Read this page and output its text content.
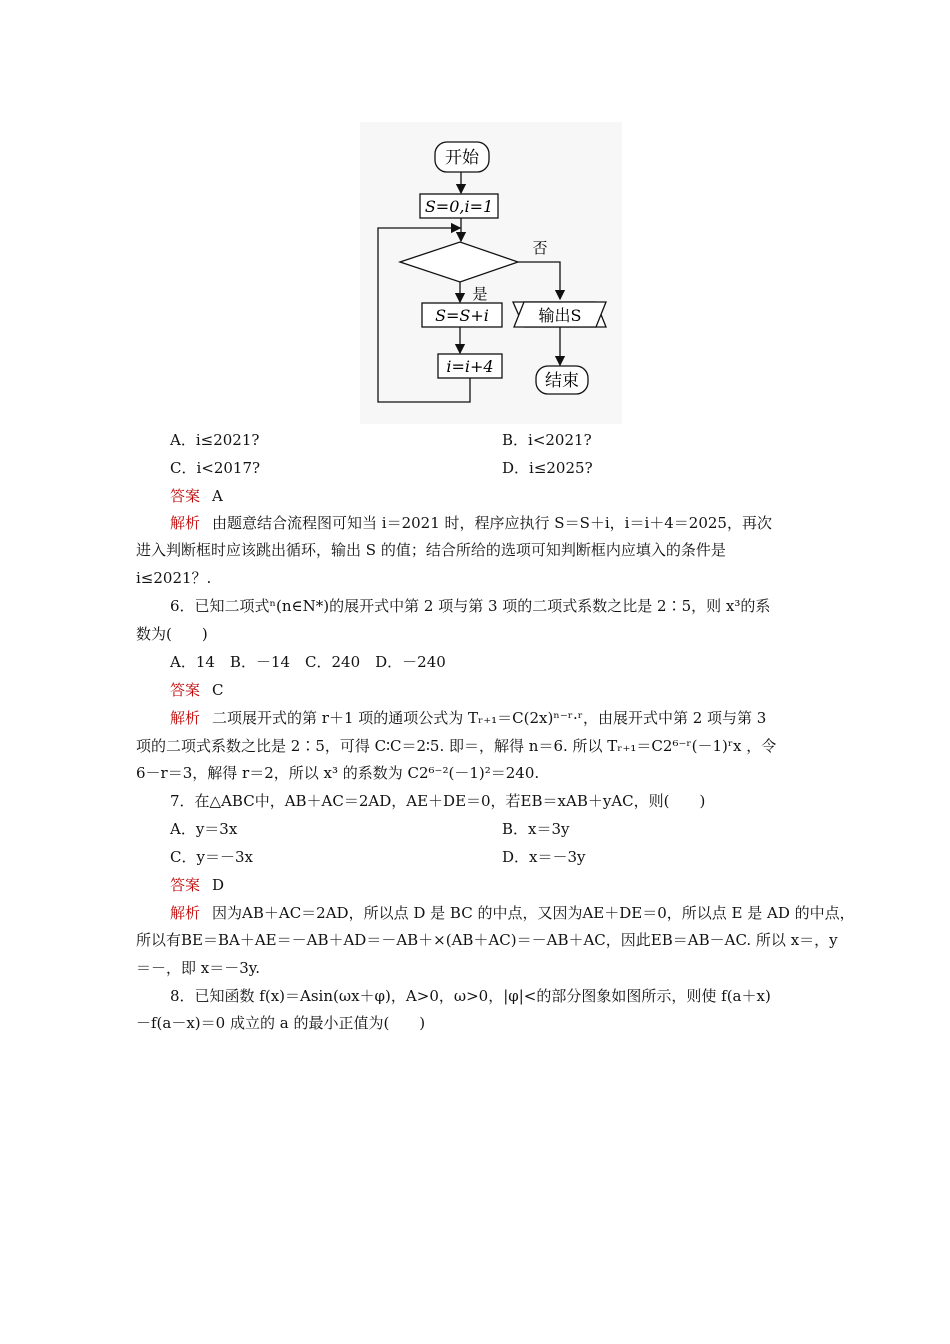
开始
S=0,i=1
否
是
S=S+i
i=i+4
输出S
结束
A．i≤2021?	B．i<2021?
C．i<2017?	D．i≤2025?
答案 A
解析 由题意结合流程图可知当 i＝2021 时，程序应执行 S＝S＋i，i＝i＋4＝2025，再次
进入判断框时应该跳出循环，输出 S 的值；结合所给的选项可知判断框内应填入的条件是
i≤2021？.
6．已知二项式ⁿ(n∈N*)的展开式中第 2 项与第 3 项的二项式系数之比是 2∶5，则 x³的系
数为(　　)
A．14　B．－14　C．240　D．－240
答案 C
解析 二项展开式的第 r＋1 项的通项公式为 Tᵣ₊₁＝C(2x)ⁿ⁻ʳ·ʳ，由展开式中第 2 项与第 3
项的二项式系数之比是 2∶5，可得 C∶C＝2∶5. 即＝，解得 n＝6. 所以 Tᵣ₊₁＝C2⁶⁻ʳ(－1)ʳx ，令
6－r＝3，解得 r＝2，所以 x³ 的系数为 C2⁶⁻²(－1)²＝240.
7．在△ABC中，AB＋AC＝2AD，AE＋DE＝0，若EB＝xAB＋yAC，则(　　)
A．y＝3x	B．x＝3y
C．y＝－3x	D．x＝－3y
答案 D
解析 因为AB＋AC＝2AD，所以点 D 是 BC 的中点，又因为AE＋DE＝0，所以点 E 是 AD 的中点，
所以有BE＝BA＋AE＝－AB＋AD＝－AB＋×(AB＋AC)＝－AB＋AC，因此EB＝AB－AC. 所以 x＝，y
＝－，即 x＝－3y.
8．已知函数 f(x)＝Asin(ωx＋φ)，A>0，ω>0，|φ|<的部分图象如图所示，则使 f(a＋x)
－f(a－x)＝0 成立的 a 的最小正值为(　　)
